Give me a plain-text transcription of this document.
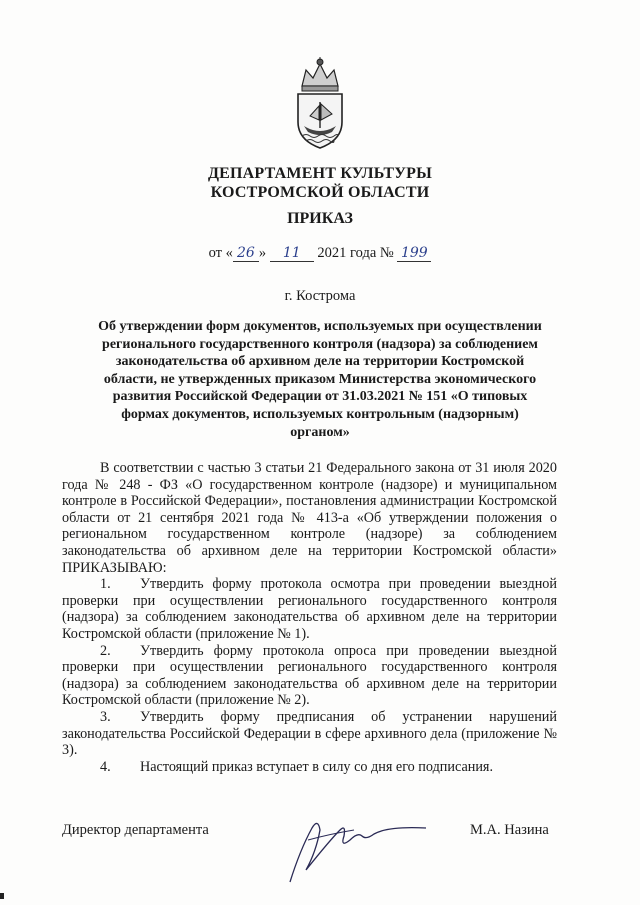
ДЕПАРТАМЕНТ КУЛЬТУРЫ
КОСТРОМСКОЙ ОБЛАСТИ
ПРИКАЗ
от « 26 » 11 2021 года № 199
г. Кострома
Об утверждении форм документов, используемых при осуществлении
регионального государственного контроля (надзора) за соблюдением
законодательства об архивном деле на территории Костромской
области, не утвержденных приказом Министерства экономического
развития Российской Федерации от 31.03.2021 № 151 «О типовых
формах документов, используемых контрольным (надзорным)
органом»

В соответствии с частью 3 статьи 21 Федерального закона от 31 июля 2020 года № 248 - ФЗ «О государственном контроле (надзоре) и муниципальном контроле в Российской Федерации», постановления администрации Костромской области от 21 сентября 2021 года № 413-а «Об утверждении положения о региональном государственном контроле (надзоре) за соблюдением законодательства об архивном деле на территории Костромской области» ПРИКАЗЫВАЮ:

1. Утвердить форму протокола осмотра при проведении выездной проверки при осуществлении регионального государственного контроля (надзора) за соблюдением законодательства об архивном деле на территории Костромской области (приложение № 1).

2. Утвердить форму протокола опроса при проведении выездной проверки при осуществлении регионального государственного контроля (надзора) за соблюдением законодательства об архивном деле на территории Костромской области (приложение № 2).

3. Утвердить форму предписания об устранении нарушений законодательства Российской Федерации в сфере архивного дела (приложение № 3).

4. Настоящий приказ вступает в силу со дня его подписания.

Директор департамента	М.А. Назина
